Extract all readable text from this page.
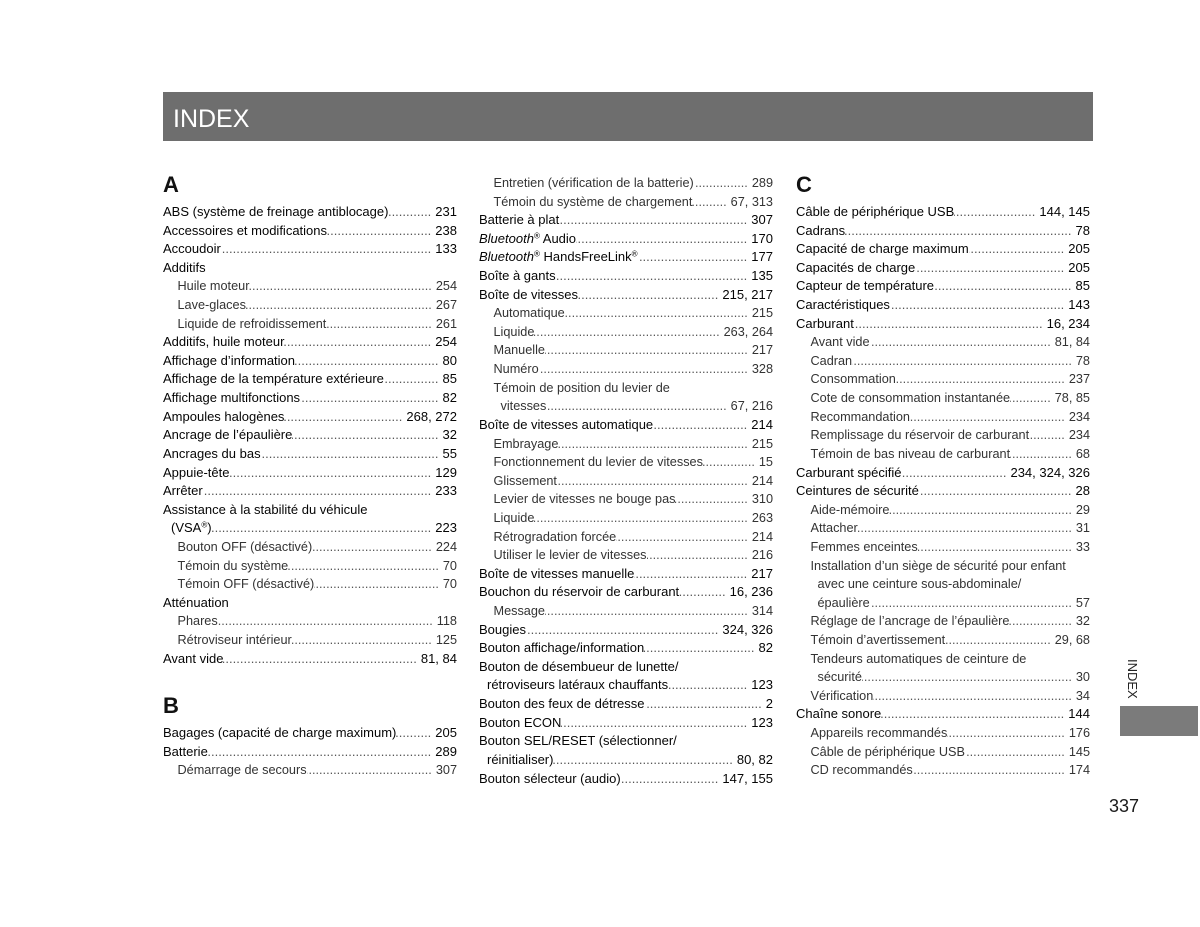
INDEX
A
ABS (système de freinage antiblocage) .....	231
Accessoires et modifications .....	238
Accoudoir .....	133
Additifs
Huile moteur .....	254
Lave-glaces .....	267
Liquide de refroidissement .....	261
Additifs, huile moteur .....	254
Affichage d’information .....	80
Affichage de la température extérieure .....	85
Affichage multifonctions .....	82
Ampoules halogènes .....	268, 272
Ancrage de l’épaulière .....	32
Ancrages du bas .....	55
Appuie-tête .....	129
Arrêter .....	233
Assistance à la stabilité du véhicule
(VSA®) .....	223
Bouton OFF (désactivé) .....	224
Témoin du système .....	70
Témoin OFF (désactivé) .....	70
Atténuation
Phares .....	118
Rétroviseur intérieur .....	125
Avant vide .....	81, 84
B
Bagages (capacité de charge maximum) .....	205
Batterie .....	289
Démarrage de secours .....	307
Entretien (vérification de la batterie) .....	289
Témoin du système de chargement .....	67, 313
Batterie à plat .....	307
Bluetooth® Audio .....	170
Bluetooth® HandsFreeLink® .....	177
Boîte à gants .....	135
Boîte de vitesses .....	215, 217
Automatique .....	215
Liquide .....	263, 264
Manuelle .....	217
Numéro .....	328
Témoin de position du levier de
vitesses .....	67, 216
Boîte de vitesses automatique .....	214
Embrayage .....	215
Fonctionnement du levier de vitesses .....	15
Glissement .....	214
Levier de vitesses ne bouge pas .....	310
Liquide .....	263
Rétrogradation forcée .....	214
Utiliser le levier de vitesses .....	216
Boîte de vitesses manuelle .....	217
Bouchon du réservoir de carburant .....	16, 236
Message .....	314
Bougies .....	324, 326
Bouton affichage/information .....	82
Bouton de désembueur de lunette/
rétroviseurs latéraux chauffants .....	123
Bouton des feux de détresse .....	2
Bouton ECON .....	123
Bouton SEL/RESET (sélectionner/
réinitialiser) .....	80, 82
Bouton sélecteur (audio) .....	147, 155
C
Câble de périphérique USB .....	144, 145
Cadrans .....	78
Capacité de charge maximum .....	205
Capacités de charge .....	205
Capteur de température .....	85
Caractéristiques .....	143
Carburant .....	16, 234
Avant vide .....	81, 84
Cadran .....	78
Consommation .....	237
Cote de consommation instantanée .....	78, 85
Recommandation .....	234
Remplissage du réservoir de carburant .....	234
Témoin de bas niveau de carburant .....	68
Carburant spécifié .....	234, 324, 326
Ceintures de sécurité .....	28
Aide-mémoire .....	29
Attacher .....	31
Femmes enceintes .....	33
Installation d’un siège de sécurité pour enfant
avec une ceinture sous-abdominale/
épaulière .....	57
Réglage de l’ancrage de l’épaulière .....	32
Témoin d’avertissement .....	29, 68
Tendeurs automatiques de ceinture de
sécurité .....	30
Vérification .....	34
Chaîne sonore .....	144
Appareils recommandés .....	176
Câble de périphérique USB .....	145
CD recommandés .....	174
INDEX
337
